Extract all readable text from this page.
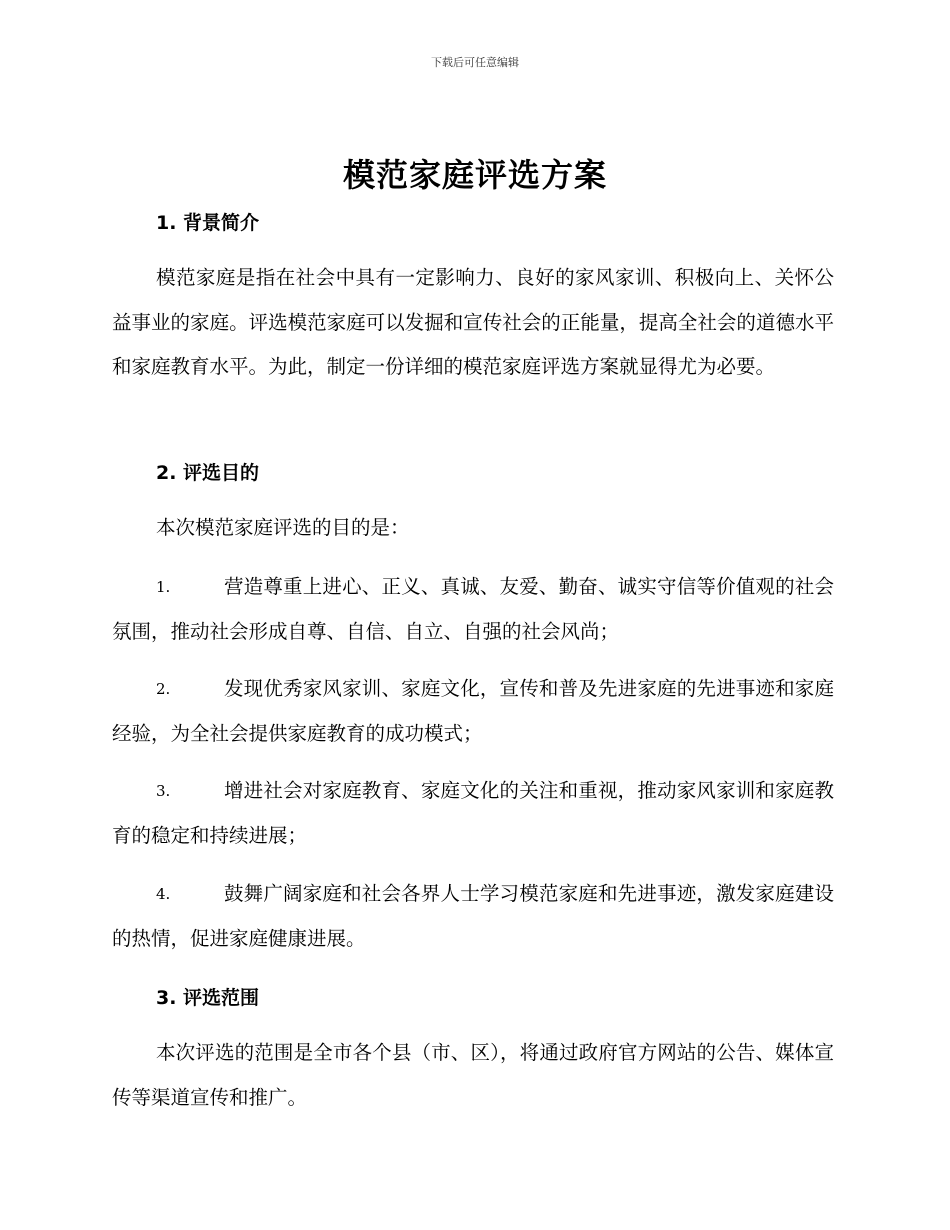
下载后可任意编辑
模范家庭评选方案
1. 背景简介
模范家庭是指在社会中具有一定影响力、良好的家风家训、积极向上、关怀公益事业的家庭。评选模范家庭可以发掘和宣传社会的正能量，提高全社会的道德水平和家庭教育水平。为此，制定一份详细的模范家庭评选方案就显得尤为必要。
2. 评选目的
本次模范家庭评选的目的是：
1.	营造尊重上进心、正义、真诚、友爱、勤奋、诚实守信等价值观的社会氛围，推动社会形成自尊、自信、自立、自强的社会风尚；
2.	发现优秀家风家训、家庭文化，宣传和普及先进家庭的先进事迹和家庭经验，为全社会提供家庭教育的成功模式；
3.	增进社会对家庭教育、家庭文化的关注和重视，推动家风家训和家庭教育的稳定和持续进展；
4.	鼓舞广阔家庭和社会各界人士学习模范家庭和先进事迹，激发家庭建设的热情，促进家庭健康进展。
3. 评选范围
本次评选的范围是全市各个县（市、区），将通过政府官方网站的公告、媒体宣传等渠道宣传和推广。
